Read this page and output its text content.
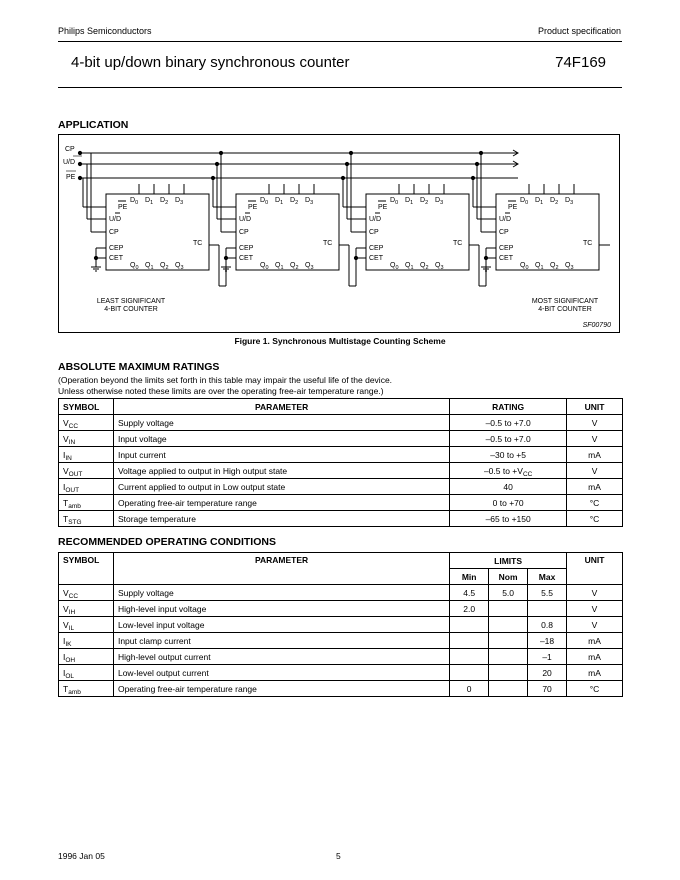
Philips Semiconductors	Product specification
4-bit up/down binary synchronous counter	74F169
APPLICATION
$D_0$
$Q_0$
$D_1$
$Q_1$
$D_2$
$Q_2$
$D_3$
$Q_3$
PE
U/D
CP
CEP
CET
TC
$D_0$
$Q_0$
$D_1$
$Q_1$
$D_2$
$Q_2$
$D_3$
$Q_3$
PE
U/D
CP
CEP
CET
TC
$D_0$
$Q_0$
$D_1$
$Q_1$
$D_2$
$Q_2$
$D_3$
$Q_3$
PE
U/D
CP
CEP
CET
TC
$D_0$
$Q_0$
$D_1$
$Q_1$
$D_2$
$Q_2$
$D_3$
$Q_3$
PE
U/D
CP
CEP
CET
TC
CP
U/D
PE
LEAST SIGNIFICANT
4-BIT COUNTER
MOST SIGNIFICANT
4-BIT COUNTER
SF00790
Figure 1. Synchronous Multistage Counting Scheme
ABSOLUTE MAXIMUM RATINGS
(Operation beyond the limits set forth in this table may impair the useful life of the device.
Unless otherwise noted these limits are over the operating free-air temperature range.)
SYMBOL	PARAMETER	RATING	UNIT
$V_{CC}$	Supply voltage	–0.5 to +7.0	V
$V_{IN}$	Input voltage	–0.5 to +7.0	V
$I_{IN}$	Input current	–30 to +5	mA
$V_{OUT}$	Voltage applied to output in High output state	–0.5 to $+V_{CC}$	V
$I_{OUT}$	Current applied to output in Low output state	40	mA
$T_{amb}$	Operating free-air temperature range	0 to +70	°C
$T_{STG}$	Storage temperature	–65 to +150	°C
RECOMMENDED OPERATING CONDITIONS
SYMBOL	PARAMETER	LIMITS			UNIT
		Min	Nom	Max	
$V_{CC}$	Supply voltage	4.5	5.0	5.5	V
$V_{IH}$	High-level input voltage	2.0			V
$V_{IL}$	Low-level input voltage			0.8	V
$I_{IK}$	Input clamp current			–18	mA
$I_{OH}$	High-level output current			–1	mA
$I_{OL}$	Low-level output current			20	mA
$T_{amb}$	Operating free-air temperature range	0		70	°C
1996 Jan 05	5
